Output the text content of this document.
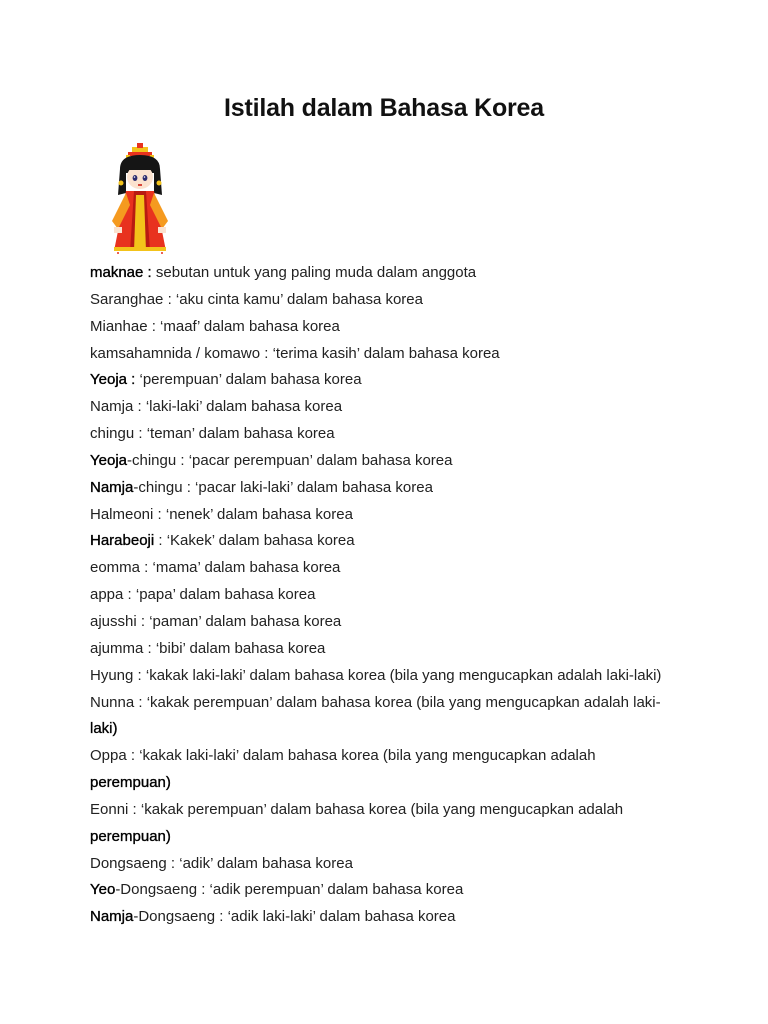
Istilah dalam Bahasa Korea
maknae : sebutan untuk yang paling muda dalam anggota
Saranghae : ‘aku cinta kamu’ dalam bahasa korea
Mianhae : ‘maaf’ dalam bahasa korea
kamsahamnida / komawo : ‘terima kasih’ dalam bahasa korea
Yeoja : ‘perempuan’ dalam bahasa korea
Namja : ‘laki-laki’ dalam bahasa korea
chingu : ‘teman’ dalam bahasa korea
Yeoja-chingu : ‘pacar perempuan’ dalam bahasa korea
Namja-chingu : ‘pacar laki-laki’ dalam bahasa korea
Halmeoni : ‘nenek’ dalam bahasa korea
Harabeoji : ‘Kakek’ dalam bahasa korea
eomma : ‘mama’ dalam bahasa korea
appa : ‘papa’ dalam bahasa korea
ajusshi : ‘paman’ dalam bahasa korea
ajumma : ‘bibi’ dalam bahasa korea
Hyung : ‘kakak laki-laki’ dalam bahasa korea (bila yang mengucapkan adalah laki-laki)
Nunna : ‘kakak perempuan’ dalam bahasa korea (bila yang mengucapkan adalah laki-
laki)
Oppa : ‘kakak laki-laki’ dalam bahasa korea (bila yang mengucapkan adalah
perempuan)
Eonni : ‘kakak perempuan’ dalam bahasa korea (bila yang mengucapkan adalah
perempuan)
Dongsaeng : ‘adik’ dalam bahasa korea
Yeo-Dongsaeng : ‘adik perempuan’ dalam bahasa korea
Namja-Dongsaeng : ‘adik laki-laki’ dalam bahasa korea
